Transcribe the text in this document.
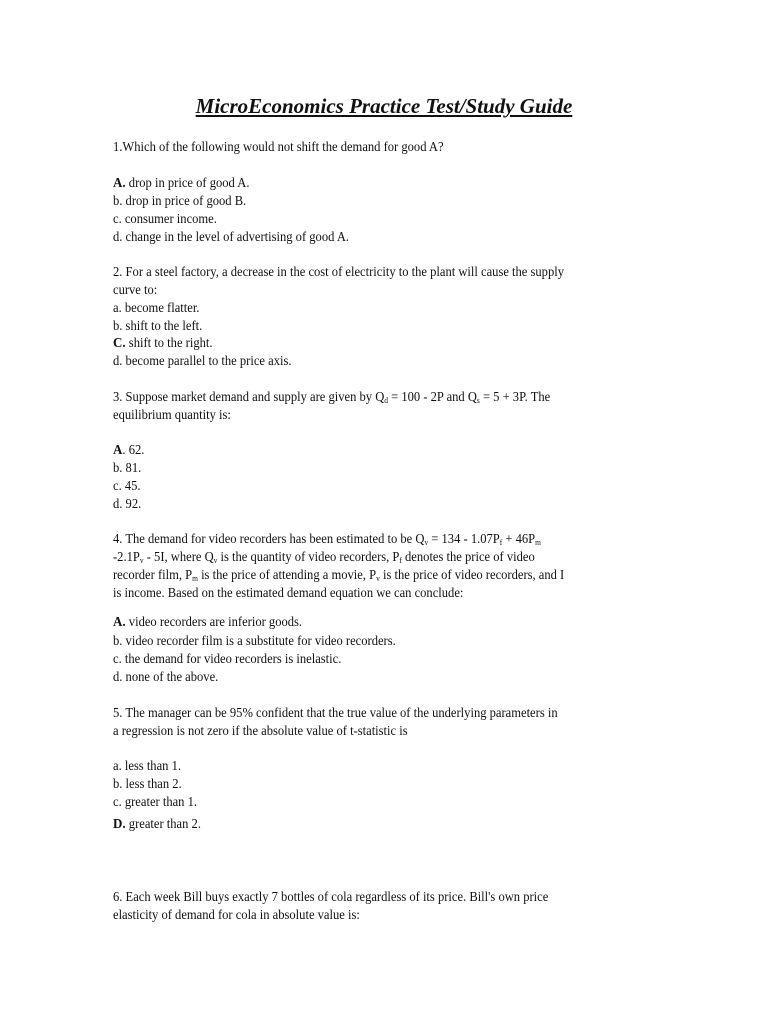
MicroEconomics Practice Test/Study Guide

1.Which of the following would not shift the demand for good A?

A. drop in price of good A.

b. drop in price of good B.

c. consumer income.

d. change in the level of advertising of good A.

2. For a steel factory, a decrease in the cost of electricity to the plant will cause the supply

curve to:

a. become flatter.

b. shift to the left.

C. shift to the right.

d. become parallel to the price axis.

3. Suppose market demand and supply are given by $Q_d = 100 - 2P$ and $Q_s = 5 + 3P$. The

equilibrium quantity is:

A. 62.

b. 81.

c. 45.

d. 92.

4. The demand for video recorders has been estimated to be $Q_v = 134 - 1.07P_f + 46P_m$

$-2.1P_v - 5I$, where $Q_v$ is the quantity of video recorders, $P_f$ denotes the price of video

recorder film, $P_m$ is the price of attending a movie, $P_v$ is the price of video recorders, and I

is income. Based on the estimated demand equation we can conclude:

A. video recorders are inferior goods.

b. video recorder film is a substitute for video recorders.

c. the demand for video recorders is inelastic.

d. none of the above.

5. The manager can be 95% confident that the true value of the underlying parameters in

a regression is not zero if the absolute value of t-statistic is

a. less than 1.

b. less than 2.

c. greater than 1.

D. greater than 2.

6. Each week Bill buys exactly 7 bottles of cola regardless of its price. Bill's own price

elasticity of demand for cola in absolute value is:
